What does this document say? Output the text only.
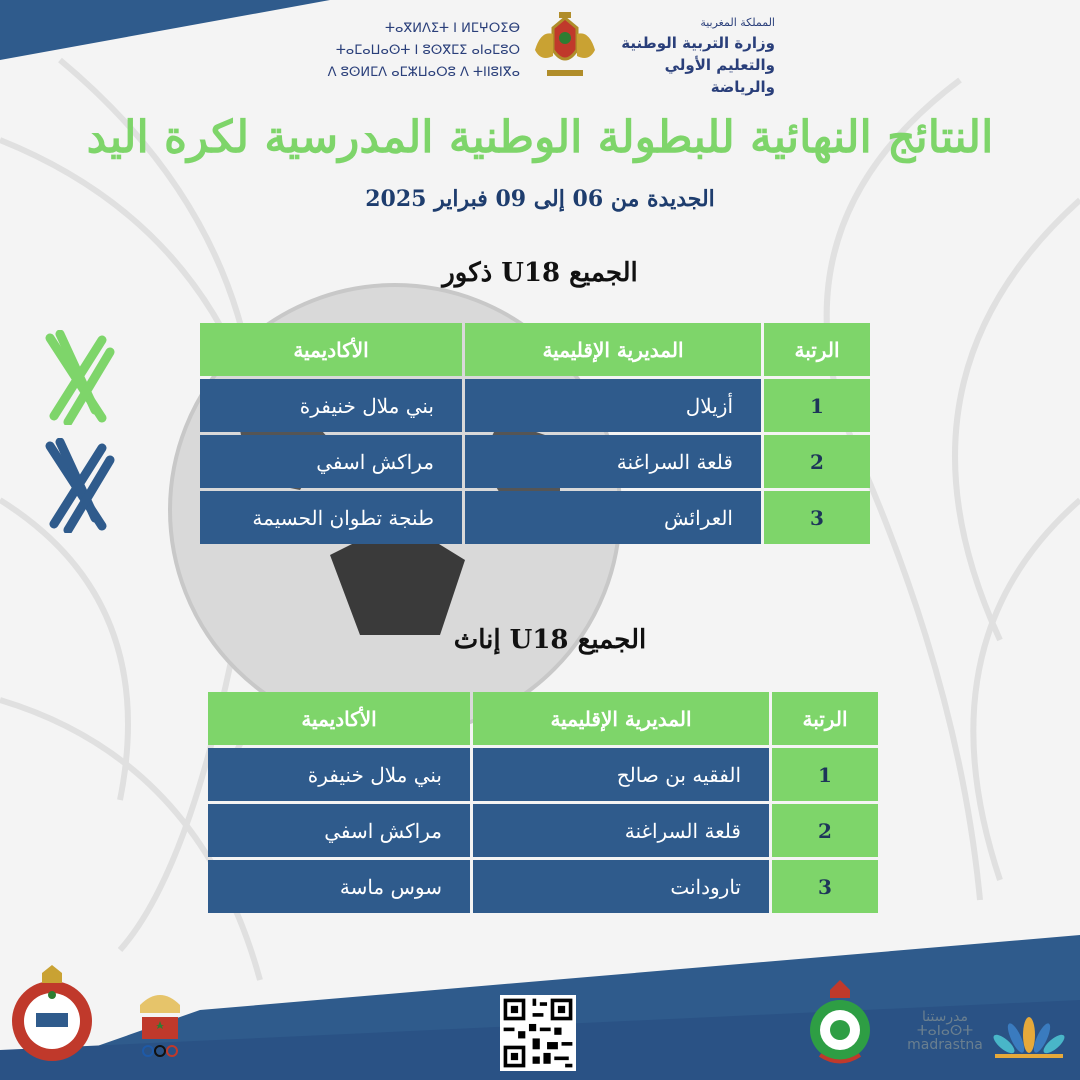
ⵜⴰⴳⵍⴷⵉⵜ ⵏ ⵍⵎⵖⵔⵉⴱ
ⵜⴰⵎⴰⵡⴰⵙⵜ ⵏ ⵓⵙⴳⵎⵉ ⴰⵏⴰⵎⵓⵔ
ⴷ ⵓⵙⵍⵎⴷ ⴰⵎⵣⵡⴰⵔⵓ ⴷ ⵜⵏⵏⵓⵏⴳⴰ
المملكة المغربية
وزارة التربية الوطنية
والتعليم الأولي والرياضة
النتائج النهائية للبطولة الوطنية المدرسية لكرة اليد
الجديدة من 06 إلى 09 فبراير 2025
الجميع U18 ذكور
الرتبة	المديرية الإقليمية	الأكاديمية
1	أزيلال	بني ملال خنيفرة
2	قلعة السراغنة	مراكش اسفي
3	العرائش	طنجة تطوان الحسيمة
الجميع U18 إناث
الرتبة	المديرية الإقليمية	الأكاديمية
1	الفقيه بن صالح	بني ملال خنيفرة
2	قلعة السراغنة	مراكش اسفي
3	تارودانت	سوس ماسة
مدرستنا
ⵜⴰⵏⴰⵙⵜ
madrastna
